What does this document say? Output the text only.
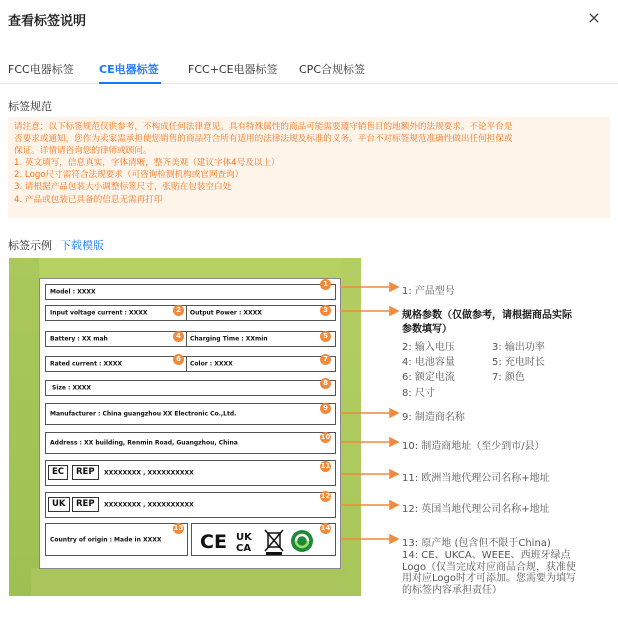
查看标签说明	×
FCC电器标签 CE电器标签	FCC+CE电器标签 CPC合规标签
标签规范
请注意：以下标签规范仅供参考，不构成任何法律意见。具有特殊属性的商品可能需要遵守销售目的地额外的法规要求。不论平台是
否要求或通知，您作为卖家需承担使您销售的商品符合所有适用的法律法规及标准的义务。平台不对标签规范准确性做出任何担保或
保证。详情请咨询您的律师或顾问。
1. 英文填写，信息真实，字体清晰，整齐美观（建议字体4号及以上）
2. Logo尺寸需符合法规要求（可咨询检测机构或官网查询）
3. 请根据产品包装大小调整标签尺寸，张贴在包装空白处
4. 产品或包装已具备的信息无需再打印
标签示例 下载模版
Model : XXXX
Input voltage current : XXXX	Output Power : XXXX
Battery : XX mah	Charging Time : XXmin
Rated current : XXXX	Color : XXXX
Size : XXXX
Manufacturer : China guangzhou XX Electronic Co.,Ltd.
Address : XX building, Renmin Road, Guangzhou, China
EC	REP	XXXXXXXX , XXXXXXXXXX
UK	REP	XXXXXXXX , XXXXXXXXXX
Country of origin : Made in XXXX CE UK
CA
1
2	3
4	5
6	7
8
9
10
11
12
13	14
1: 产品型号
规格参数（仅做参考，请根据商品实际
参数填写）
2: 输入电压	3: 输出功率
4: 电池容量	5: 充电时长
6: 额定电流	7: 颜色
8: 尺寸
9: 制造商名称
10: 制造商地址（至少到市/县）
11: 欧洲当地代理公司名称+地址
12: 英国当地代理公司名称+地址
13: 原产地 (包含但不限于China)
14: CE、UKCA、WEEE、西班牙绿点
Logo（仅当完成对应商品合规，获准使
用对应Logo时才可添加。您需要为填写
的标签内容承担责任）
